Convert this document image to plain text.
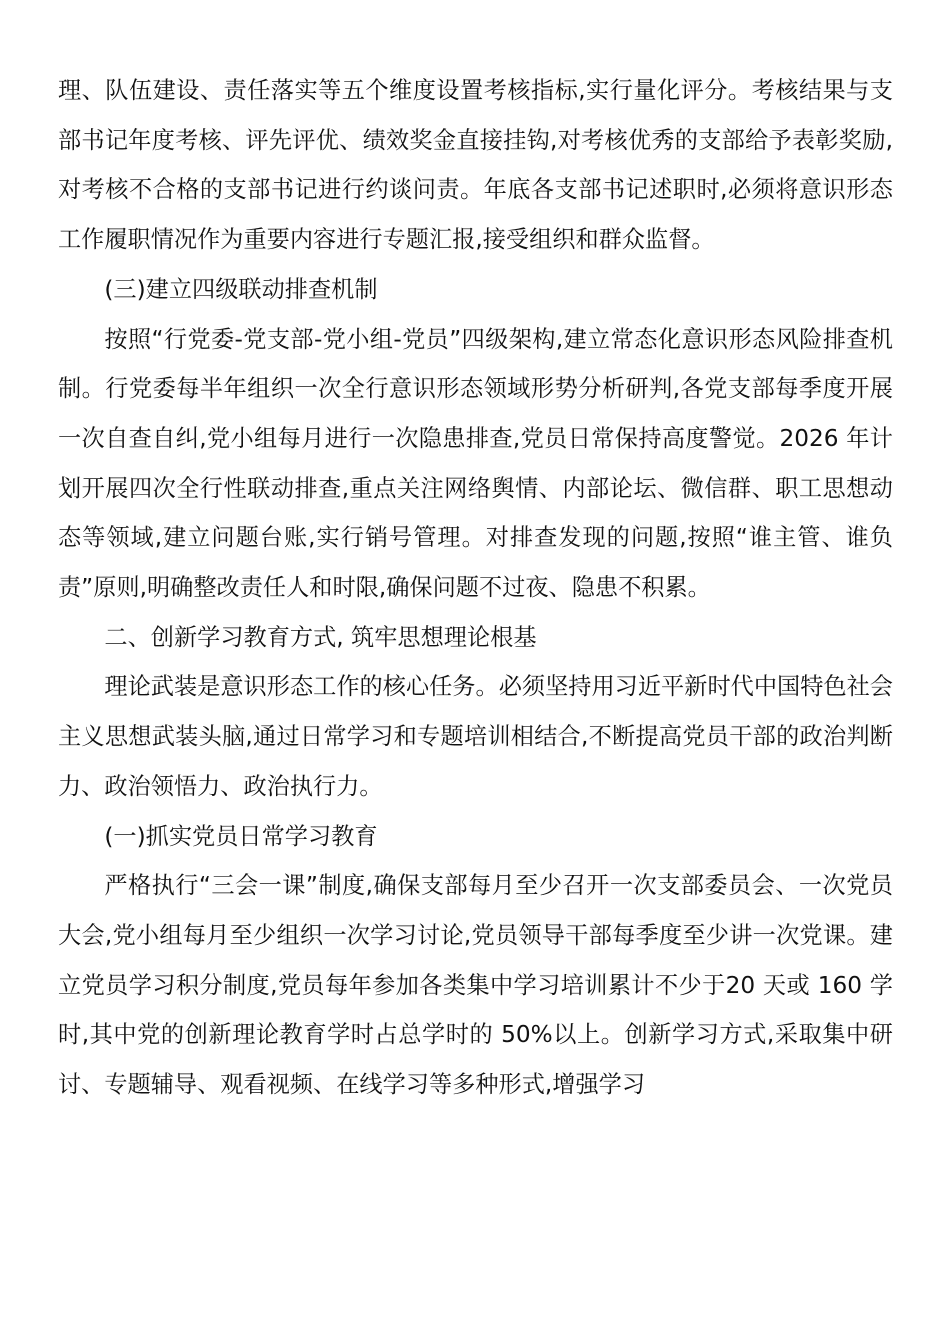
理、队伍建设、责任落实等五个维度设置考核指标,实行量化评分。考核结果与支部书记年度考核、评先评优、绩效奖金直接挂钩,对考核优秀的支部给予表彰奖励,对考核不合格的支部书记进行约谈问责。年底各支部书记述职时,必须将意识形态工作履职情况作为重要内容进行专题汇报,接受组织和群众监督。

(三)建立四级联动排查机制

按照“行党委-党支部-党小组-党员”四级架构,建立常态化意识形态风险排查机制。行党委每半年组织一次全行意识形态领域形势分析研判,各党支部每季度开展一次自查自纠,党小组每月进行一次隐患排查,党员日常保持高度警觉。2026 年计划开展四次全行性联动排查,重点关注网络舆情、内部论坛、微信群、职工思想动态等领域,建立问题台账,实行销号管理。对排查发现的问题,按照“谁主管、谁负责”原则,明确整改责任人和时限,确保问题不过夜、隐患不积累。

二、创新学习教育方式, 筑牢思想理论根基

理论武装是意识形态工作的核心任务。必须坚持用习近平新时代中国特色社会主义思想武装头脑,通过日常学习和专题培训相结合,不断提高党员干部的政治判断力、政治领悟力、政治执行力。

(一)抓实党员日常学习教育

严格执行“三会一课”制度,确保支部每月至少召开一次支部委员会、一次党员大会,党小组每月至少组织一次学习讨论,党员领导干部每季度至少讲一次党课。建立党员学习积分制度,党员每年参加各类集中学习培训累计不少于20 天或 160 学时,其中党的创新理论教育学时占总学时的 50%以上。创新学习方式,采取集中研讨、专题辅导、观看视频、在线学习等多种形式,增强学习
